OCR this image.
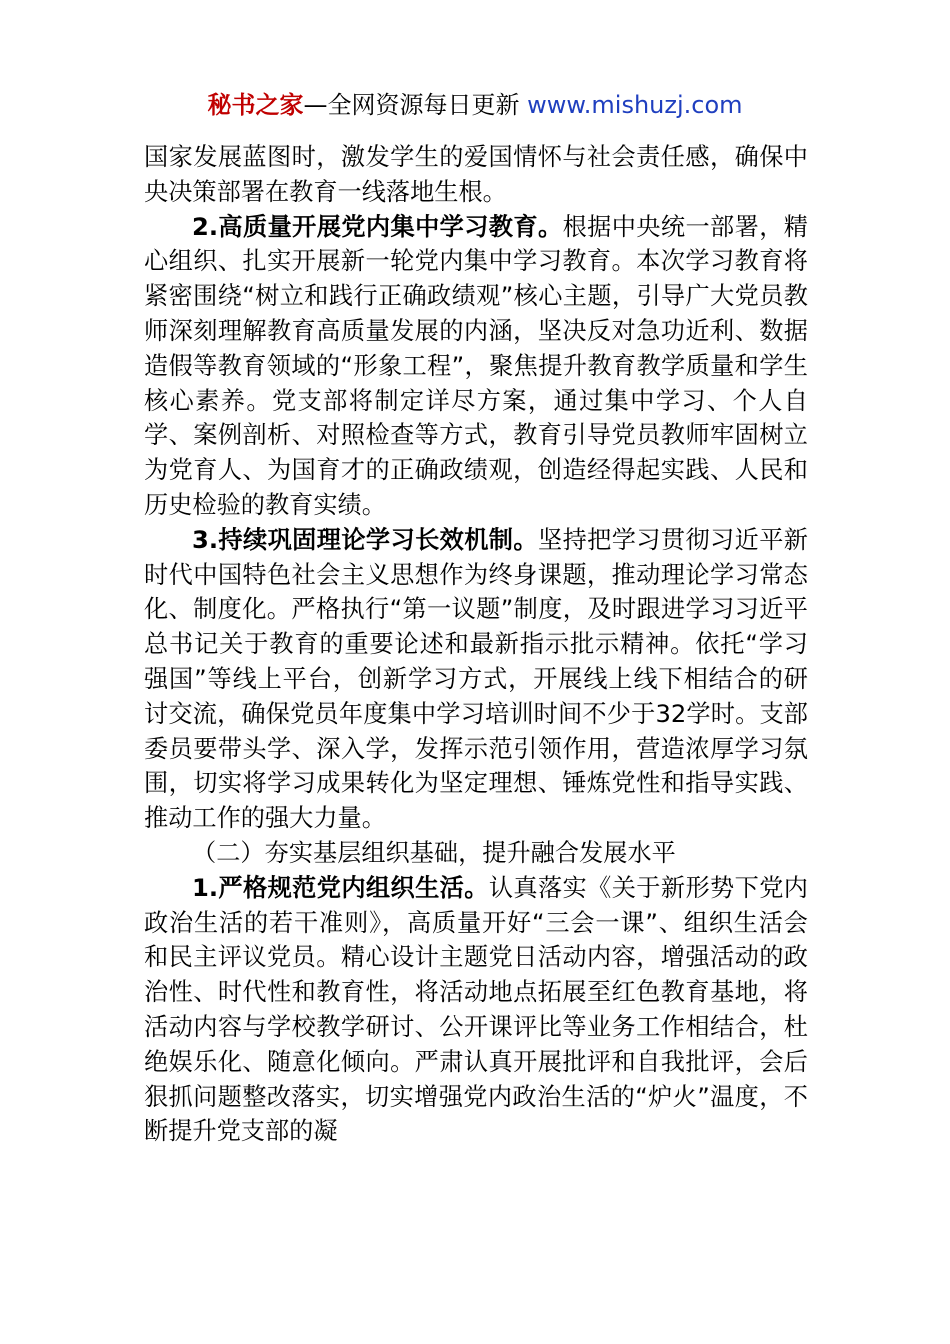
秘书之家—全网资源每日更新 www.mishuzj.com

国家发展蓝图时，激发学生的爱国情怀与社会责任感，确保中央决策部署在教育一线落地生根。

2.高质量开展党内集中学习教育。根据中央统一部署，精心组织、扎实开展新一轮党内集中学习教育。本次学习教育将紧密围绕“树立和践行正确政绩观”核心主题，引导广大党员教师深刻理解教育高质量发展的内涵，坚决反对急功近利、数据造假等教育领域的“形象工程”，聚焦提升教育教学质量和学生核心素养。党支部将制定详尽方案，通过集中学习、个人自学、案例剖析、对照检查等方式，教育引导党员教师牢固树立为党育人、为国育才的正确政绩观，创造经得起实践、人民和历史检验的教育实绩。

3.持续巩固理论学习长效机制。坚持把学习贯彻习近平新时代中国特色社会主义思想作为终身课题，推动理论学习常态化、制度化。严格执行“第一议题”制度，及时跟进学习习近平总书记关于教育的重要论述和最新指示批示精神。依托“学习强国”等线上平台，创新学习方式，开展线上线下相结合的研讨交流，确保党员年度集中学习培训时间不少于32学时。支部委员要带头学、深入学，发挥示范引领作用，营造浓厚学习氛围，切实将学习成果转化为坚定理想、锤炼党性和指导实践、推动工作的强大力量。

（二）夯实基层组织基础，提升融合发展水平

1.严格规范党内组织生活。认真落实《关于新形势下党内政治生活的若干准则》，高质量开好“三会一课”、组织生活会和民主评议党员。精心设计主题党日活动内容，增强活动的政治性、时代性和教育性，将活动地点拓展至红色教育基地，将活动内容与学校教学研讨、公开课评比等业务工作相结合，杜绝娱乐化、随意化倾向。严肃认真开展批评和自我批评，会后狠抓问题整改落实，切实增强党内政治生活的“炉火”温度，不断提升党支部的凝
